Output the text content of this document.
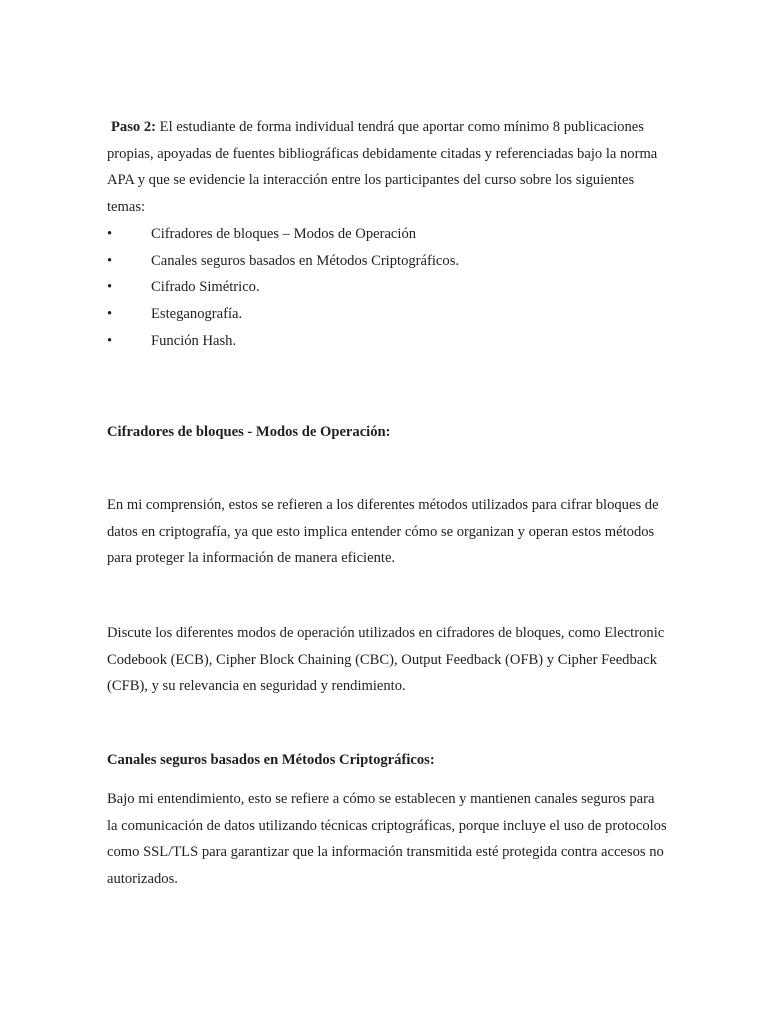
Paso 2: El estudiante de forma individual tendrá que aportar como mínimo 8 publicaciones propias, apoyadas de fuentes bibliográficas debidamente citadas y referenciadas bajo la norma APA y que se evidencie la interacción entre los participantes del curso sobre los siguientes temas:

•	Cifradores de bloques – Modos de Operación
•	Canales seguros basados en Métodos Criptográficos.
•	Cifrado Simétrico.
•	Esteganografía.
•	Función Hash.
Cifradores de bloques - Modos de Operación:

En mi comprensión, estos se refieren a los diferentes métodos utilizados para cifrar bloques de datos en criptografía, ya que esto implica entender cómo se organizan y operan estos métodos para proteger la información de manera eficiente.

Discute los diferentes modos de operación utilizados en cifradores de bloques, como Electronic Codebook (ECB), Cipher Block Chaining (CBC), Output Feedback (OFB) y Cipher Feedback (CFB), y su relevancia en seguridad y rendimiento.

Canales seguros basados en Métodos Criptográficos:

Bajo mi entendimiento, esto se refiere a cómo se establecen y mantienen canales seguros para la comunicación de datos utilizando técnicas criptográficas, porque incluye el uso de protocolos como SSL/TLS para garantizar que la información transmitida esté protegida contra accesos no autorizados.
